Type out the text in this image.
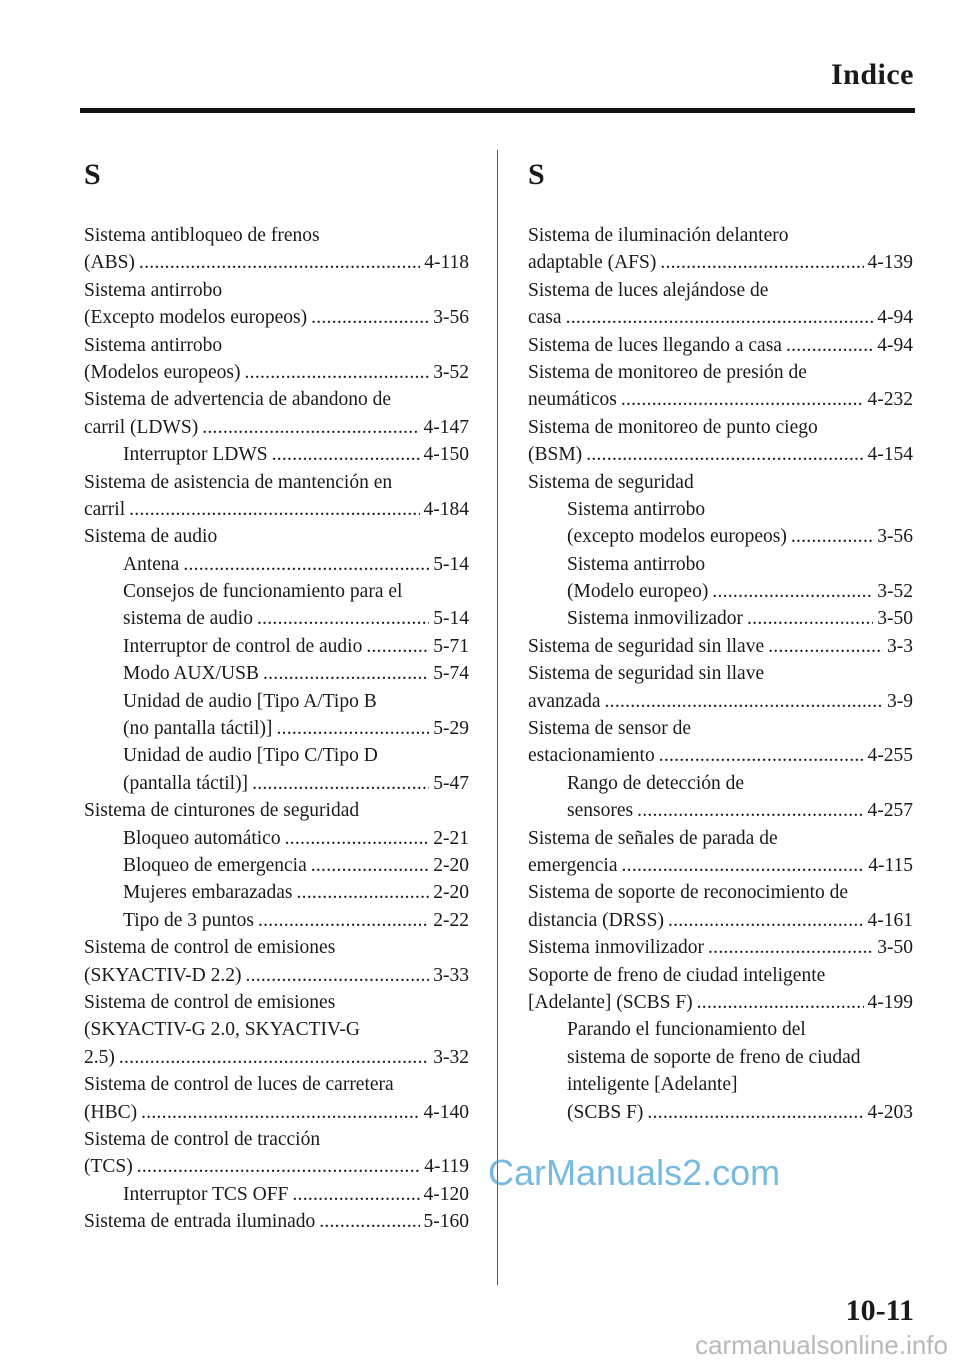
Indice
S
Sistema antibloqueo de frenos
(ABS) . . .	4-118
Sistema antirrobo
(Excepto modelos europeos) . . .	3-56
Sistema antirrobo
(Modelos europeos) . . .	3-52
Sistema de advertencia de abandono de
carril (LDWS) . . .	4-147
Interruptor LDWS . . .	4-150
Sistema de asistencia de mantención en
carril . . .	4-184
Sistema de audio
Antena . . .	5-14
Consejos de funcionamiento para el
sistema de audio . . .	5-14
Interruptor de control de audio . . .	5-71
Modo AUX/USB . . .	5-74
Unidad de audio [Tipo A/Tipo B
(no pantalla táctil)] . . .	5-29
Unidad de audio [Tipo C/Tipo D
(pantalla táctil)] . . .	5-47
Sistema de cinturones de seguridad
Bloqueo automático . . .	2-21
Bloqueo de emergencia . . .	2-20
Mujeres embarazadas . . .	2-20
Tipo de 3 puntos . . .	2-22
Sistema de control de emisiones
(SKYACTIV-D 2.2) . . .	3-33
Sistema de control de emisiones
(SKYACTIV-G 2.0, SKYACTIV-G
2.5) . . .	3-32
Sistema de control de luces de carretera
(HBC) . . .	4-140
Sistema de control de tracción
(TCS) . . .	4-119
Interruptor TCS OFF . . .	4-120
Sistema de entrada iluminado . . .	5-160
S
Sistema de iluminación delantero
adaptable (AFS) . . .	4-139
Sistema de luces alejándose de
casa . . .	4-94
Sistema de luces llegando a casa . . .	4-94
Sistema de monitoreo de presión de
neumáticos . . .	4-232
Sistema de monitoreo de punto ciego
(BSM) . . .	4-154
Sistema de seguridad
Sistema antirrobo
(excepto modelos europeos) . . .	3-56
Sistema antirrobo
(Modelo europeo) . . .	3-52
Sistema inmovilizador . . .	3-50
Sistema de seguridad sin llave . . .	3-3
Sistema de seguridad sin llave
avanzada . . .	3-9
Sistema de sensor de
estacionamiento . . .	4-255
Rango de detección de
sensores . . .	4-257
Sistema de señales de parada de
emergencia . . .	4-115
Sistema de soporte de reconocimiento de
distancia (DRSS) . . .	4-161
Sistema inmovilizador . . .	3-50
Soporte de freno de ciudad inteligente
[Adelante] (SCBS F) . . .	4-199
Parando el funcionamiento del
sistema de soporte de freno de ciudad
inteligente [Adelante]
(SCBS F) . . .	4-203
CarManuals2.com
10-11
carmanualsonline.info
